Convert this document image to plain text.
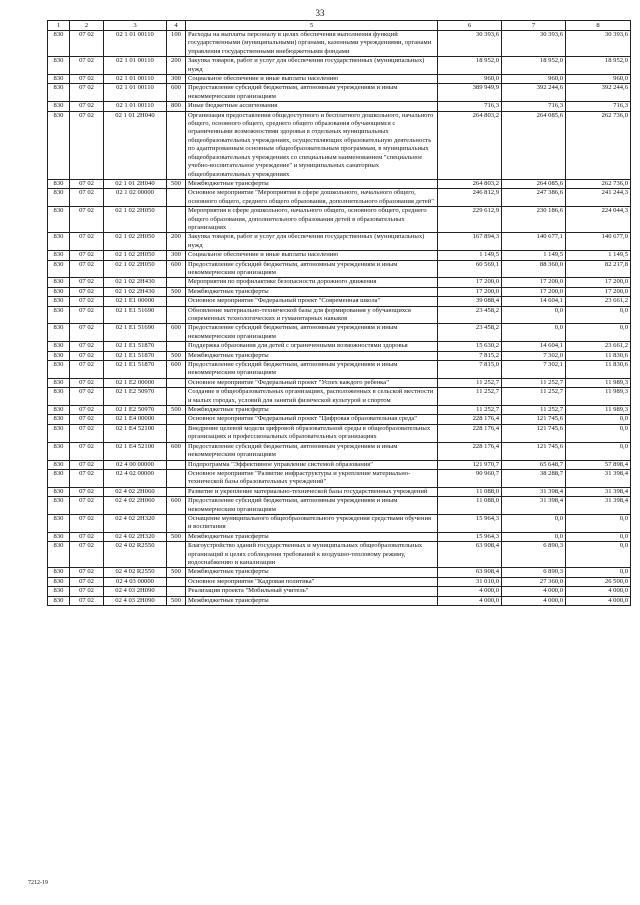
33
1	2	3	4	5	6	7	8
830	07 02	02 1 01 00110	100	Расходы на выплаты персоналу в целях обеспечения выполнения функций государственными (муниципальными) органами, казенными учреждениями, органами управления государственными внебюджетными фондами	30 393,6	30 393,6	30 393,6
830	07 02	02 1 01 00110	200	Закупка товаров, работ и услуг для обеспечения государственных (муниципальных) нужд	18 952,0	18 952,0	18 952,0
830	07 02	02 1 01 00110	300	Социальное обеспечение и иные выплаты населению	960,0	960,0	960,0
830	07 02	02 1 01 00110	600	Предоставление субсидий бюджетным, автономным учреждениям и иным некоммерческим организациям	389 949,9	392 244,6	392 244,6
830	07 02	02 1 01 00110	800	Иные бюджетные ассигнования	716,3	716,3	716,3
830	07 02	02 1 01 2Н040		Организация предоставления общедоступного и бесплатного дошкольного, начального общего, основного общего, среднего общего образования обучающимся с ограниченными возможностями здоровья в отдельных муниципальных общеобразовательных учреждениях, осуществляющих образовательную деятельность по адаптированным основным общеобразовательным программам, в муниципальных общеобразовательных учреждениях со специальным наименованием "специальное учебно-воспитательное учреждение" и муниципальных санаторных общеобразовательных учреждениях	264 803,2	264 085,6	262 736,0
830	07 02	02 1 01 2Н040	500	Межбюджетные трансферты	264 803,2	264 085,6	262 736,0
830	07 02	02 1 02 00000		Основное мероприятие "Мероприятия в сфере дошкольного, начального общего, основного общего, среднего общего образования, дополнительного образования детей"	246 812,9	247 386,6	241 244,3
830	07 02	02 1 02 2Н050		Мероприятия в сфере дошкольного, начального общего, основного общего, среднего общего образования, дополнительного образования детей в образовательных организациях	229 612,9	230 186,6	224 044,3
830	07 02	02 1 02 2Н050	200	Закупка товаров, работ и услуг для обеспечения государственных (муниципальных) нужд	167 894,3	140 677,1	140 677,0
830	07 02	02 1 02 2Н050	300	Социальное обеспечение и иные выплаты населению	1 149,5	1 149,5	1 149,5
830	07 02	02 1 02 2Н050	600	Предоставление субсидий бюджетным, автономным учреждениям и иным некоммерческим организациям	60 569,1	88 360,0	82 217,8
830	07 02	02 1 02 2Н430		Мероприятия по профилактике безопасности дорожного движения	17 200,0	17 200,0	17 200,0
830	07 02	02 1 02 2Н430	500	Межбюджетные трансферты	17 200,0	17 200,0	17 200,0
830	07 02	02 1 E1 00000		Основное мероприятие "Федеральный проект "Современная школа"	39 088,4	14 604,1	23 661,2
830	07 02	02 1 E1 51690		Обновление материально-технической базы для формирования у обучающихся современных технологических и гуманитарных навыков	23 458,2	0,0	0,0
830	07 02	02 1 E1 51690	600	Предоставление субсидий бюджетным, автономным учреждениям и иным некоммерческим организациям	23 458,2	0,0	0,0
830	07 02	02 1 E1 51870		Поддержка образования для детей с ограниченными возможностями здоровья	15 630,2	14 604,1	23 661,2
830	07 02	02 1 E1 51870	500	Межбюджетные трансферты	7 815,2	7 302,0	11 830,6
830	07 02	02 1 E1 51870	600	Предоставление субсидий бюджетным, автономным учреждениям и иным некоммерческим организациям	7 815,0	7 302,1	11 830,6
830	07 02	02 1 E2 00000		Основное мероприятие "Федеральный проект "Успех каждого ребенка"	11 252,7	11 252,7	11 989,3
830	07 02	02 1 E2 50970		Создание в общеобразовательных организациях, расположенных в сельской местности и малых городах, условий для занятий физической культурой и спортом	11 252,7	11 252,7	11 989,3
830	07 02	02 1 E2 50970	500	Межбюджетные трансферты	11 252,7	11 252,7	11 989,3
830	07 02	02 1 E4 00000		Основное мероприятие "Федеральный проект "Цифровая образовательная среда"	228 176,4	121 745,6	0,0
830	07 02	02 1 E4 52100		Внедрение целевой модели цифровой образовательной среды в общеобразовательных организациях и профессиональных образовательных организациях	228 176,4	121 745,6	0,0
830	07 02	02 1 E4 52100	600	Предоставление субсидий бюджетным, автономным учреждениям и иным некоммерческим организациям	228 176,4	121 745,6	0,0
830	07 02	02 4 00 00000		Подпрограмма "Эффективное управление системой образования"	121 970,7	65 648,7	57 898,4
830	07 02	02 4 02 00000		Основное мероприятие "Развитие инфраструктуры и укрепление материально-технической базы образовательных учреждений"	90 960,7	38 288,7	31 398,4
830	07 02	02 4 02 2Н060		Развитие и укрепление материально-технической базы государственных учреждений	11 088,0	31 398,4	31 398,4
830	07 02	02 4 02 2Н060	600	Предоставление субсидий бюджетным, автономным учреждениям и иным некоммерческим организациям	11 088,0	31 398,4	31 398,4
830	07 02	02 4 02 2Н320		Оснащение муниципального общеобразовательного учреждения средствами обучения и воспитания	15 964,3	0,0	0,0
830	07 02	02 4 02 2Н320	500	Межбюджетные трансферты	15 964,3	0,0	0,0
830	07 02	02 4 02 R2550		Благоустройство зданий государственных и муниципальных общеобразовательных организаций в целях соблюдения требований к воздушно-тепловому режиму, водоснабжению и канализации	63 908,4	6 890,3	0,0
830	07 02	02 4 02 R2550	500	Межбюджетные трансферты	63 908,4	6 890,3	0,0
830	07 02	02 4 03 00000		Основное мероприятие "Кадровая политика"	31 010,0	27 360,0	26 500,0
830	07 02	02 4 03 2Н090		Реализация проекта "Мобильный учитель"	4 000,0	4 000,0	4 000,0
830	07 02	02 4 03 2Н090	500	Межбюджетные трансферты	4 000,0	4 000,0	4 000,0
7212-19
